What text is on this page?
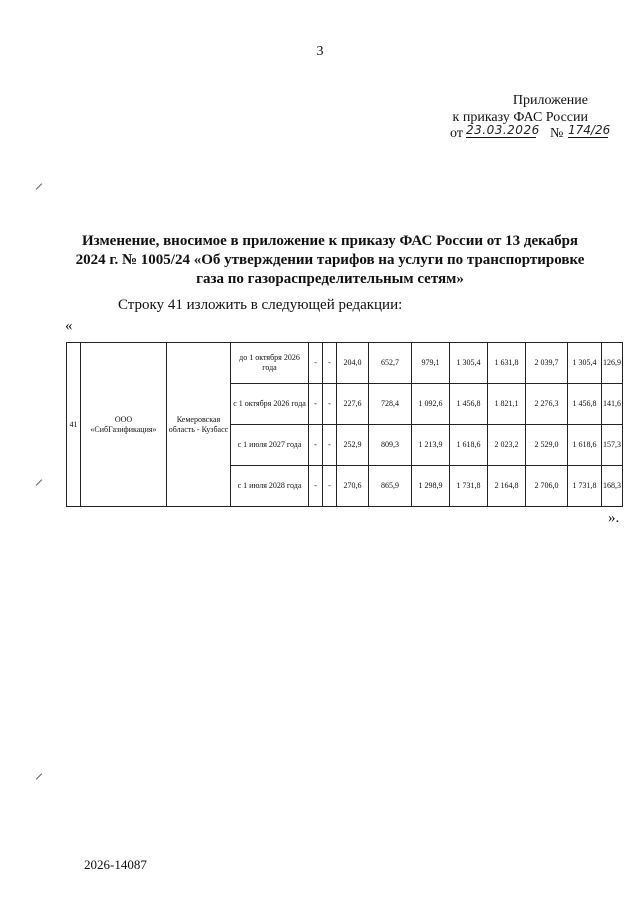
3
Приложение
к приказу ФАС России
от 23.03.2026 № 174/26
Изменение, вносимое в приложение к приказу ФАС России от 13 декабря 2024 г. № 1005/24 «Об утверждении тарифов на услуги по транспортировке газа по газораспределительным сетям»
Строку 41 изложить в следующей редакции:
«
41	ООО «СибГазификация»	Кемеровская область - Кузбасс	до 1 октября 2026 года	-	-	204,0	652,7	979,1	1 305,4	1 631,8	2 039,7	1 305,4	126,9
			с 1 октября 2026 года	-	-	227,6	728,4	1 092,6	1 456,8	1 821,1	2 276,3	1 456,8	141,6
			с 1 июля 2027 года	-	-	252,9	809,3	1 213,9	1 618,6	2 023,2	2 529,0	1 618,6	157,3
			с 1 июля 2028 года	-	-	270,6	865,9	1 298,9	1 731,8	2 164,8	2 706,0	1 731,8	168,3
».
2026-14087
